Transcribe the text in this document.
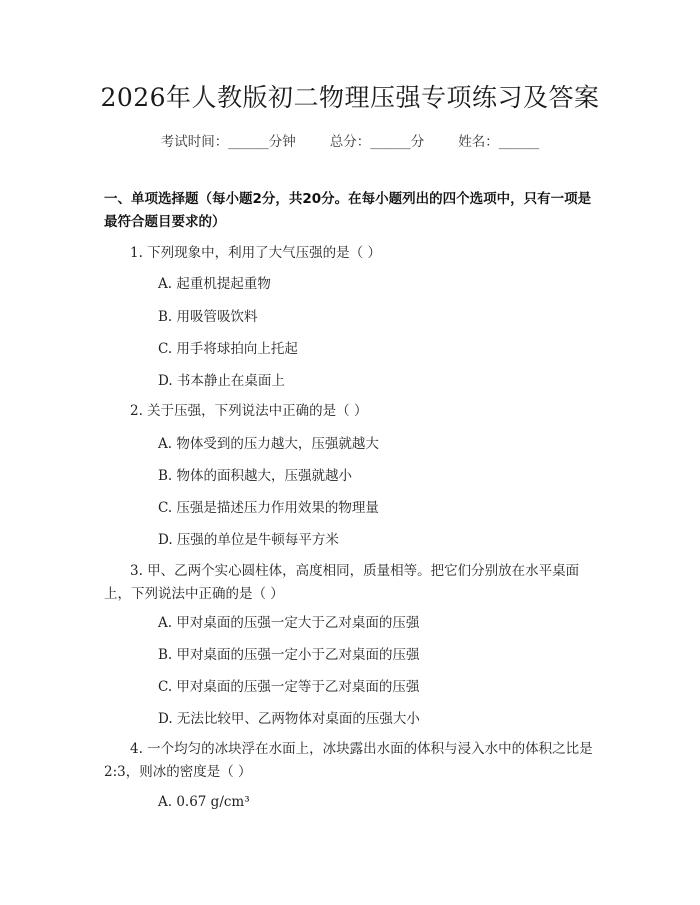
2026年人教版初二物理压强专项练习及答案
考试时间：______分钟	总分：______分	姓名：______
一、单项选择题（每小题2分，共20分。在每小题列出的四个选项中，只有一项是最符合题目要求的）
1. 下列现象中，利用了大气压强的是（ ）
A. 起重机提起重物
B. 用吸管吸饮料
C. 用手将球拍向上托起
D. 书本静止在桌面上
2. 关于压强，下列说法中正确的是（ ）
A. 物体受到的压力越大，压强就越大
B. 物体的面积越大，压强就越小
C. 压强是描述压力作用效果的物理量
D. 压强的单位是牛顿每平方米
3. 甲、乙两个实心圆柱体，高度相同，质量相等。把它们分别放在水平桌面上，下列说法中正确的是（ ）
A. 甲对桌面的压强一定大于乙对桌面的压强
B. 甲对桌面的压强一定小于乙对桌面的压强
C. 甲对桌面的压强一定等于乙对桌面的压强
D. 无法比较甲、乙两物体对桌面的压强大小
4. 一个均匀的冰块浮在水面上，冰块露出水面的体积与浸入水中的体积之比是2:3，则冰的密度是（ ）
A. 0.67 g/cm³
